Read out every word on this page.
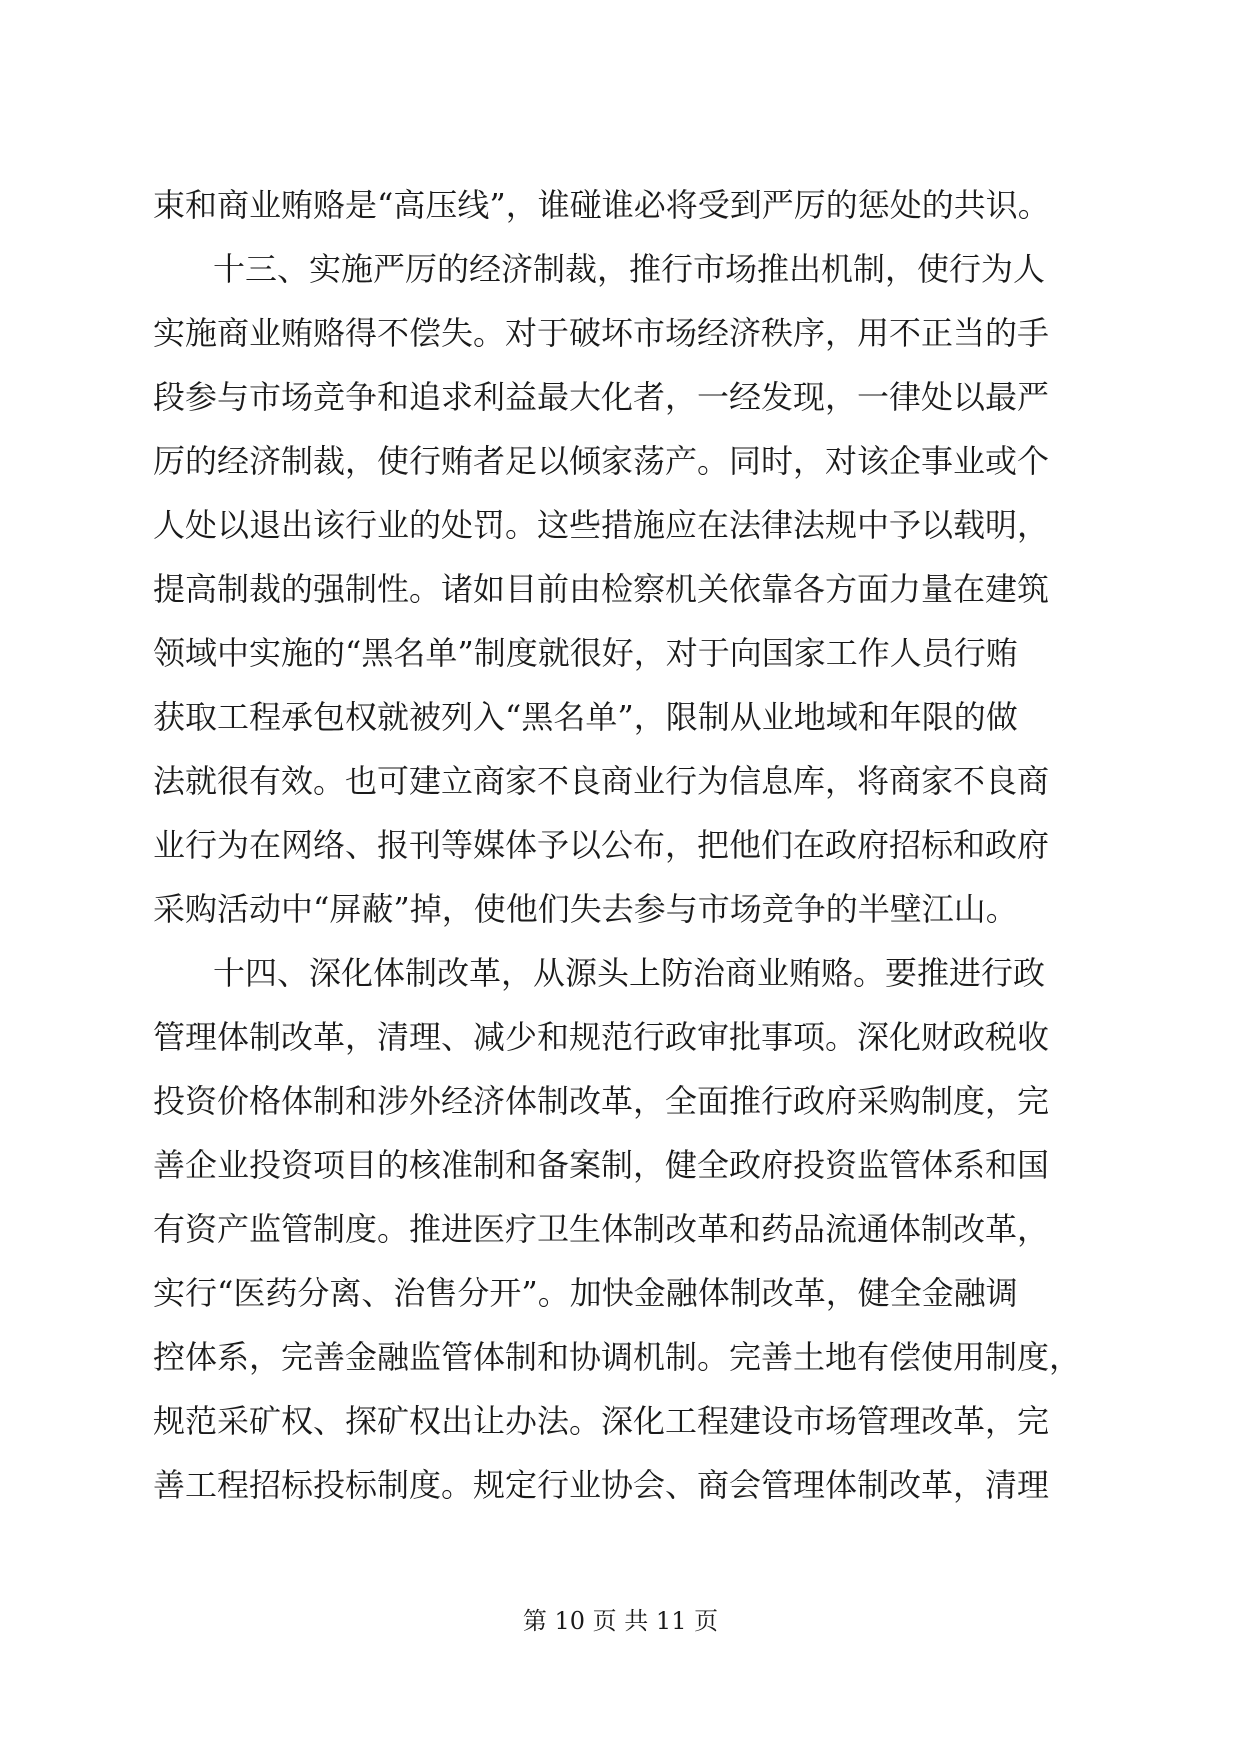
束和商业贿赂是“高压线”，谁碰谁必将受到严厉的惩处的共识。
十三、实施严厉的经济制裁，推行市场推出机制，使行为人
实施商业贿赂得不偿失。对于破坏市场经济秩序，用不正当的手
段参与市场竞争和追求利益最大化者，一经发现，一律处以最严
厉的经济制裁，使行贿者足以倾家荡产。同时，对该企事业或个
人处以退出该行业的处罚。这些措施应在法律法规中予以载明，
提高制裁的强制性。诸如目前由检察机关依靠各方面力量在建筑
领域中实施的“黑名单”制度就很好，对于向国家工作人员行贿
获取工程承包权就被列入“黑名单”，限制从业地域和年限的做
法就很有效。也可建立商家不良商业行为信息库，将商家不良商
业行为在网络、报刊等媒体予以公布，把他们在政府招标和政府
采购活动中“屏蔽”掉，使他们失去参与市场竞争的半壁江山。
十四、深化体制改革，从源头上防治商业贿赂。要推进行政
管理体制改革，清理、减少和规范行政审批事项。深化财政税收
投资价格体制和涉外经济体制改革，全面推行政府采购制度，完
善企业投资项目的核准制和备案制，健全政府投资监管体系和国
有资产监管制度。推进医疗卫生体制改革和药品流通体制改革，
实行“医药分离、治售分开”。加快金融体制改革，健全金融调
控体系，完善金融监管体制和协调机制。完善土地有偿使用制度，
规范采矿权、探矿权出让办法。深化工程建设市场管理改革，完
善工程招标投标制度。规定行业协会、商会管理体制改革，清理
第 10 页 共 11 页
